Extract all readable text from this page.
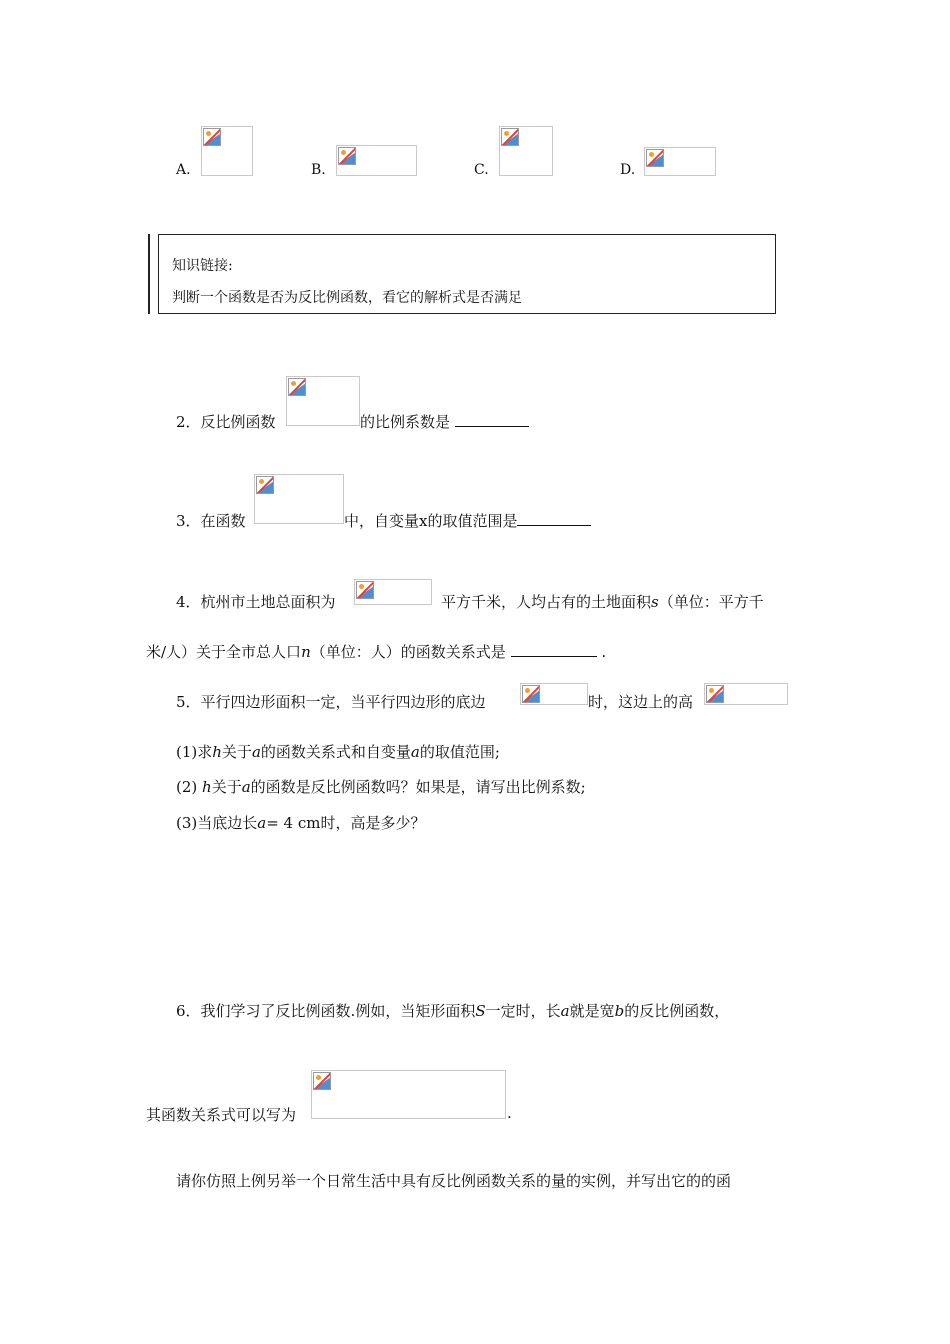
A.	B.	C.	D.
知识链接:
判断一个函数是否为反比例函数，看它的解析式是否满足
2．反比例函数	的比例系数是
3．在函数	中，自变量x的取值范围是
4．杭州市土地总面积为	平方千米，人均占有的土地面积s（单位：平方千
米/人）关于全市总人口n（单位：人）的函数关系式是	.
5．平行四边形面积一定，当平行四边形的底边	时，这边上的高
(1)求h关于a的函数关系式和自变量a的取值范围;
(2) h关于a的函数是反比例函数吗？如果是，请写出比例系数;
(3)当底边长a= 4 cm时，高是多少？
6．我们学习了反比例函数.例如，当矩形面积S一定时，长a就是宽b的反比例函数，
其函数关系式可以写为	.
请你仿照上例另举一个日常生活中具有反比例函数关系的量的实例，并写出它的的函
